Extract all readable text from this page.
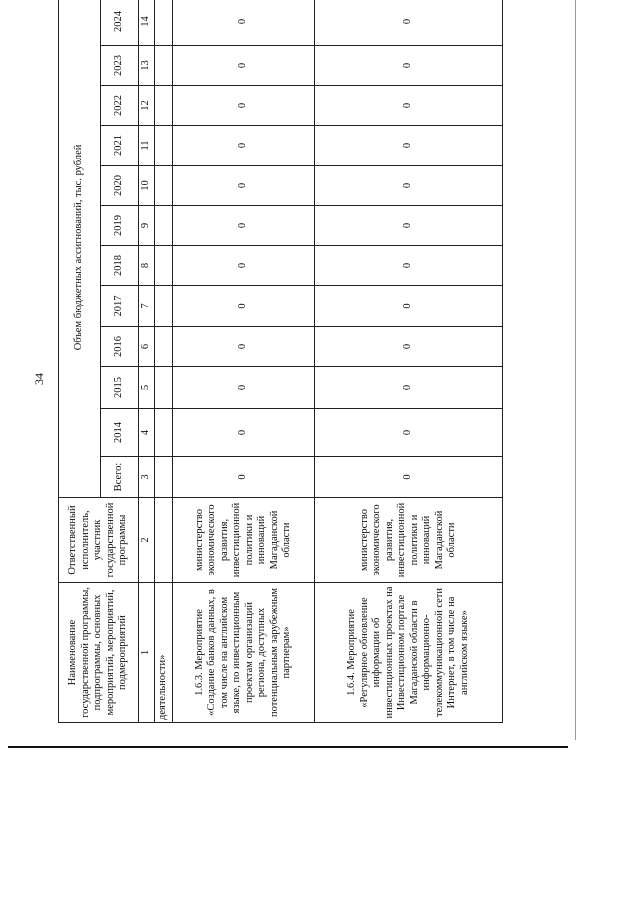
34
Наименование государственной программы, подпрограммы, основных мероприятий, мероприятий, подмероприятий	Ответственный исполнитель, участник государственной программы	Объем бюджетных ассигнований, тыс. рублей											
		Всего:	2014	2015	2016	2017	2018	2019	2020	2021	2022	2023	2024
1	2	3	4	5	6	7	8	9	10	11	12	13	14
деятельности»													
1.6.3. Мероприятие «Создание банков данных, в том числе на английском языке, по инвестиционным проектам организаций региона, доступных потенциальным зарубежным партнерам»	министерство экономического развития, инвестиционной политики и инноваций Магаданской области	0	0	0	0	0	0	0	0	0	0	0	0
1.6.4. Мероприятие «Регулярное обновление информации об инвестиционных проектах на Инвестиционном портале Магаданской области в информационно-телекоммуникационной сети Интернет, в том числе на английском языке»	министерство экономического развития, инвестиционной политики и инноваций Магаданской области	0	0	0	0	0	0	0	0	0	0	0	0
